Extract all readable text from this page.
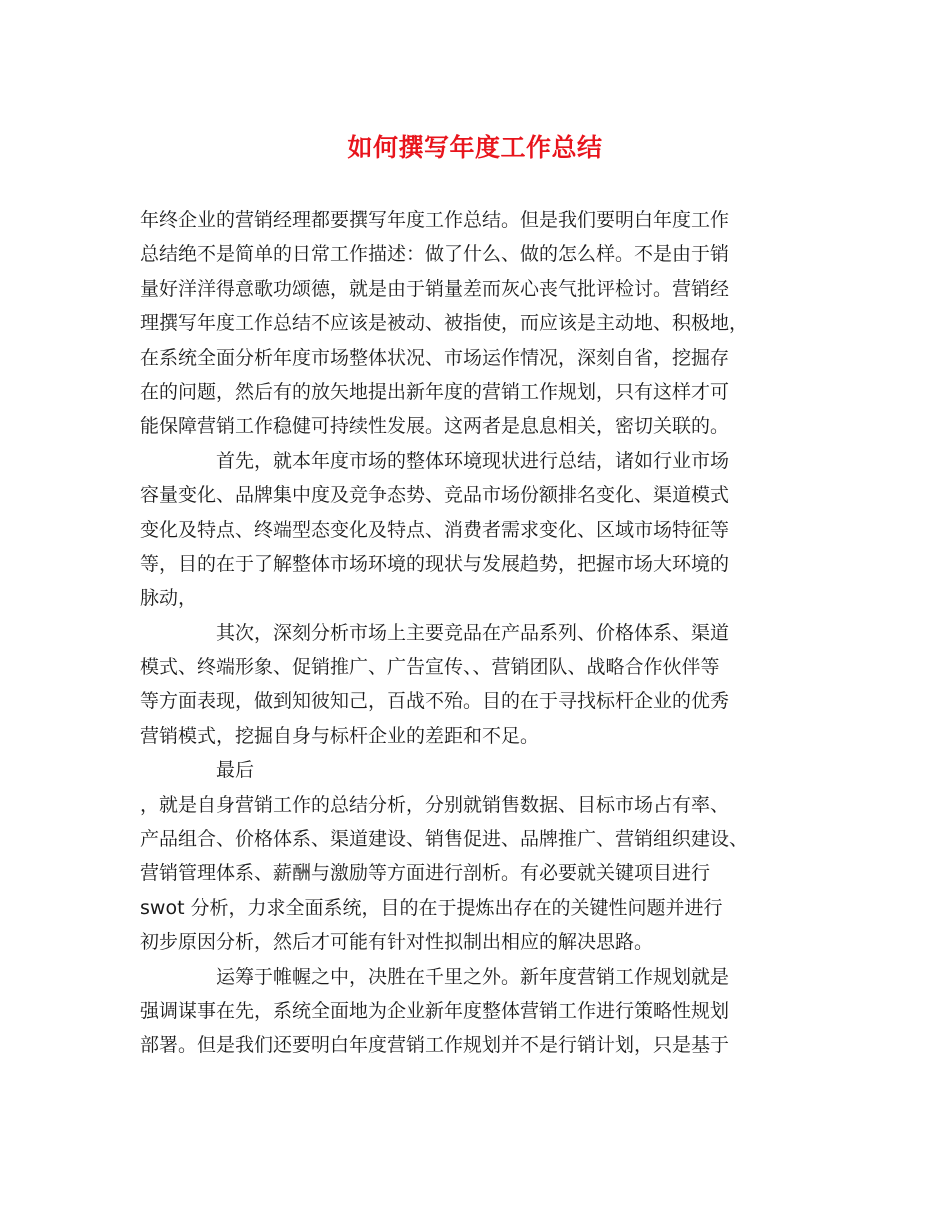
如何撰写年度工作总结
年终企业的营销经理都要撰写年度工作总结。但是我们要明白年度工作
总结绝不是简单的日常工作描述：做了什么、做的怎么样。不是由于销
量好洋洋得意歌功颂德，就是由于销量差而灰心丧气批评检讨。营销经
理撰写年度工作总结不应该是被动、被指使，而应该是主动地、积极地，
在系统全面分析年度市场整体状况、市场运作情况，深刻自省，挖掘存
在的问题，然后有的放矢地提出新年度的营销工作规划，只有这样才可
能保障营销工作稳健可持续性发展。这两者是息息相关，密切关联的。
首先，就本年度市场的整体环境现状进行总结，诸如行业市场
容量变化、品牌集中度及竞争态势、竞品市场份额排名变化、渠道模式
变化及特点、终端型态变化及特点、消费者需求变化、区域市场特征等
等，目的在于了解整体市场环境的现状与发展趋势，把握市场大环境的
脉动，
其次，深刻分析市场上主要竞品在产品系列、价格体系、渠道
模式、终端形象、促销推广、广告宣传、、营销团队、战略合作伙伴等
等方面表现，做到知彼知己，百战不殆。目的在于寻找标杆企业的优秀
营销模式，挖掘自身与标杆企业的差距和不足。
最后
，就是自身营销工作的总结分析，分别就销售数据、目标市场占有率、
产品组合、价格体系、渠道建设、销售促进、品牌推广、营销组织建设、
营销管理体系、薪酬与激励等方面进行剖析。有必要就关键项目进行
swot 分析，力求全面系统，目的在于提炼出存在的关键性问题并进行
初步原因分析，然后才可能有针对性拟制出相应的解决思路。
运筹于帷幄之中，决胜在千里之外。新年度营销工作规划就是
强调谋事在先，系统全面地为企业新年度整体营销工作进行策略性规划
部署。但是我们还要明白年度营销工作规划并不是行销计划，只是基于
